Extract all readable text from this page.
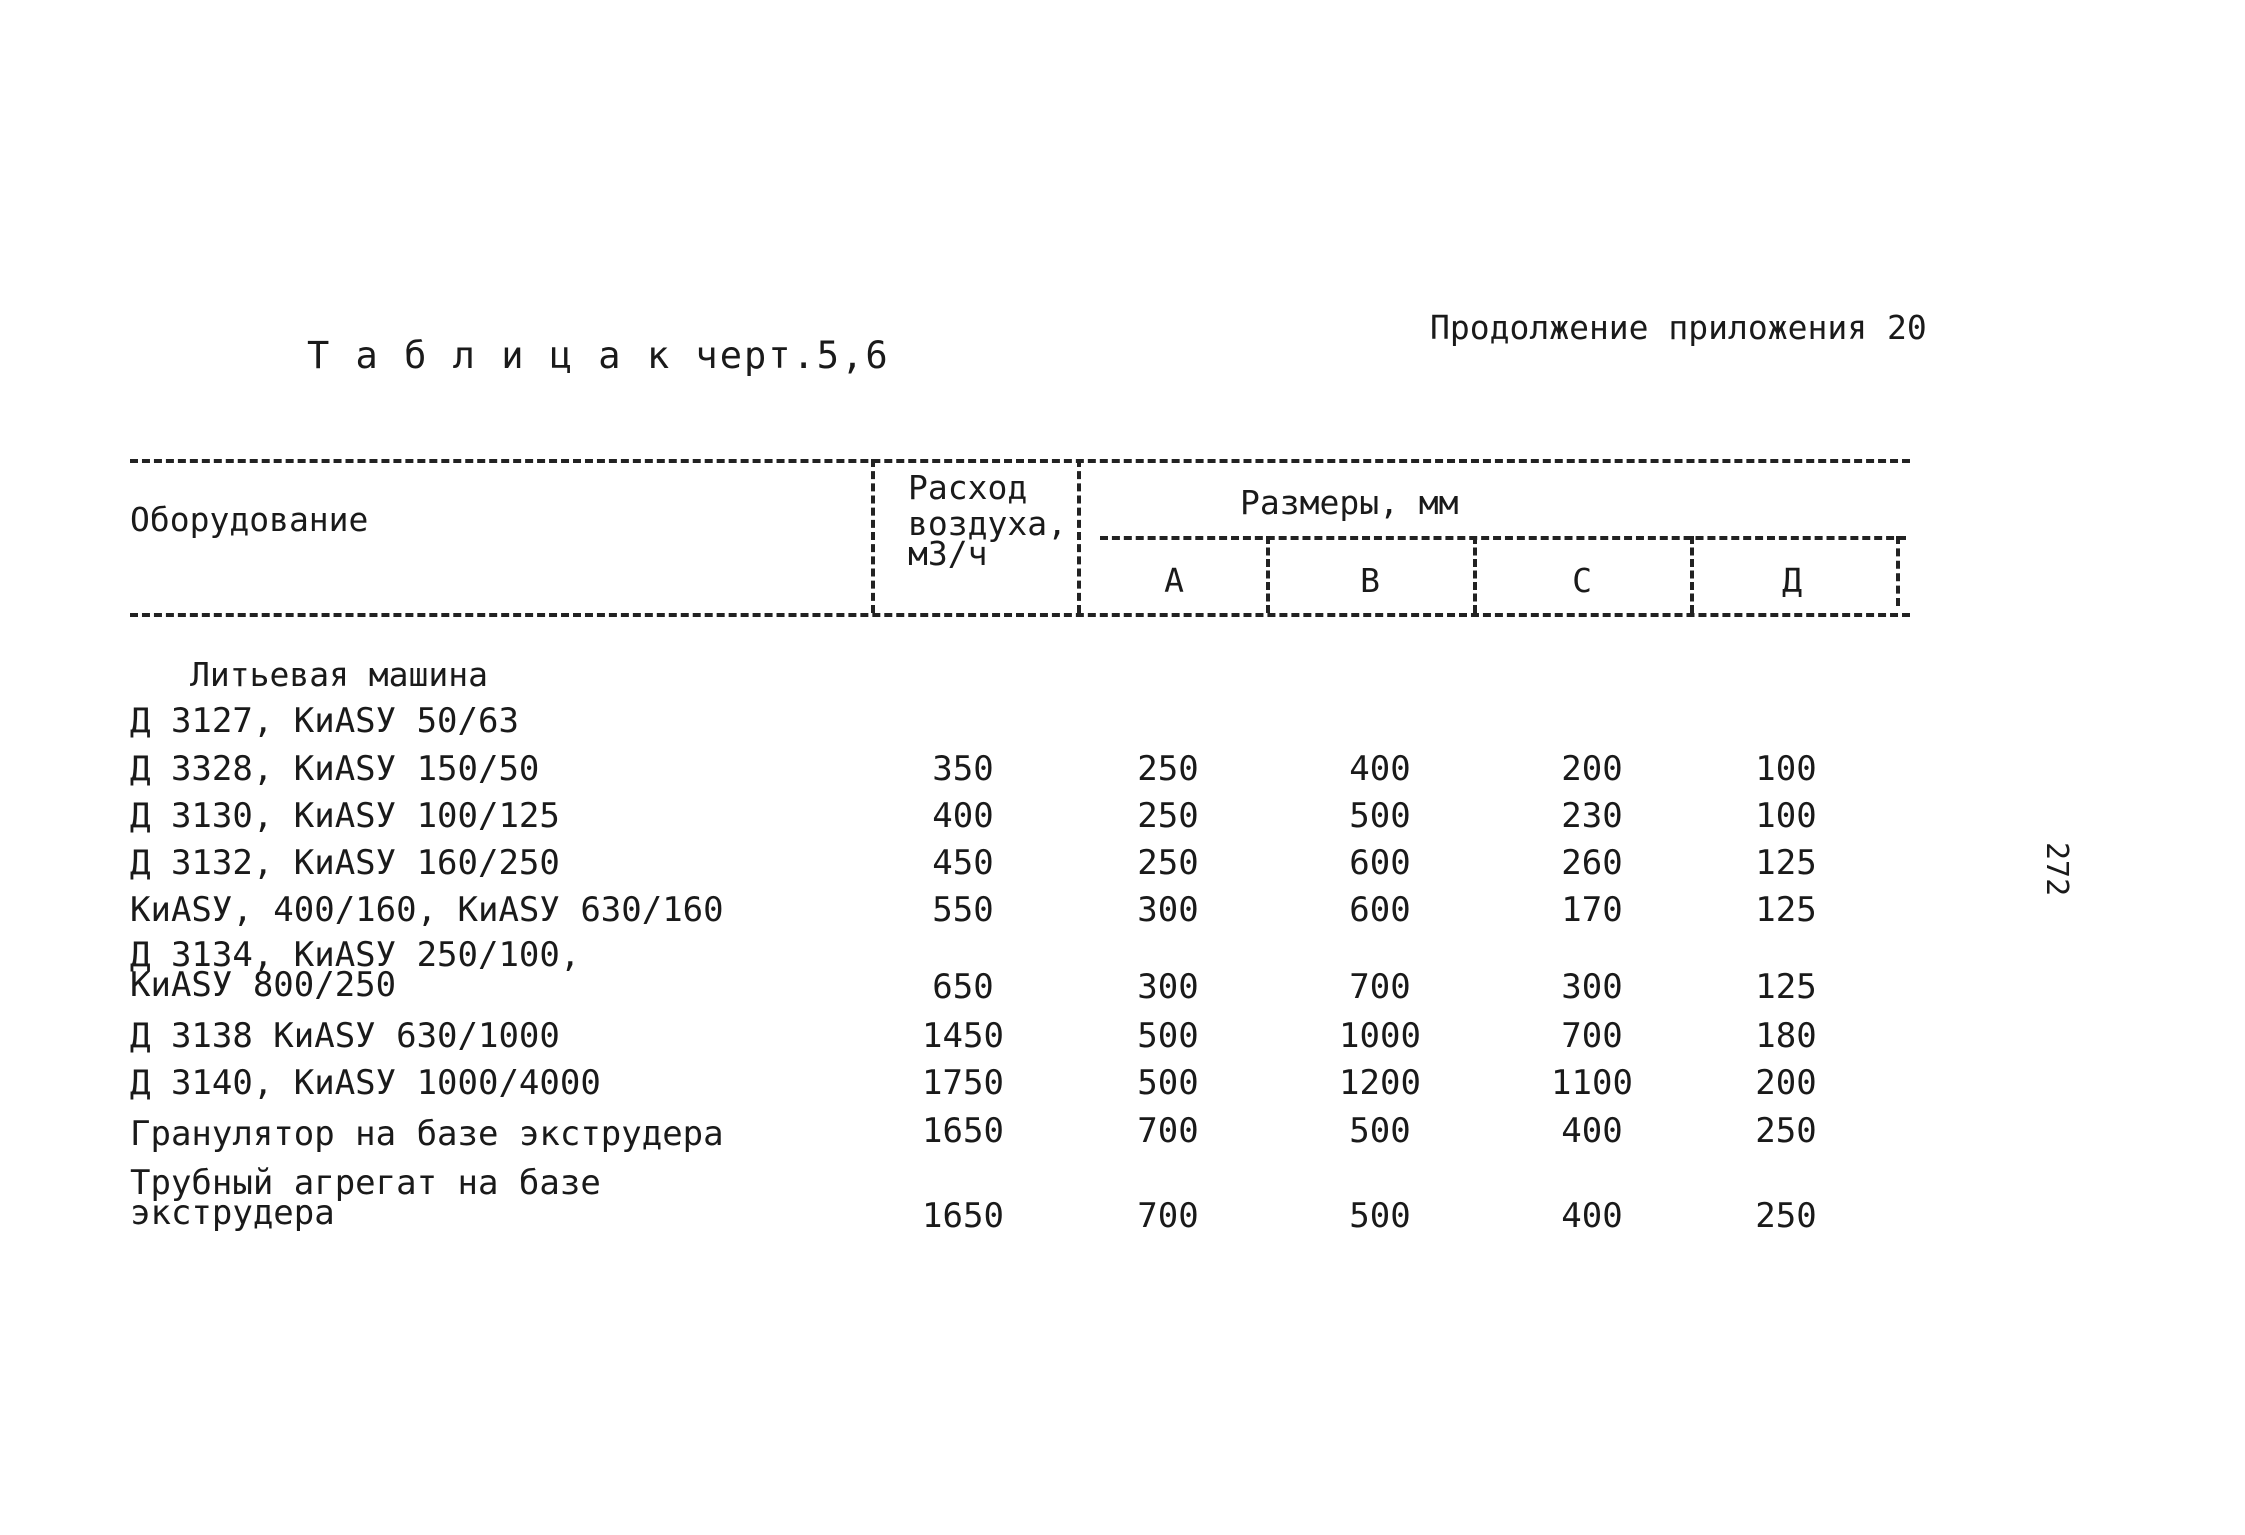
Т а б л и ц а к черт.5,6
Продолжение приложения 20
272
Оборудование
Расход
воздуха,
м3/ч
Размеры, мм
А	В	С	Д
Литьевая машина
Д 3127, КиASУ 50/63
Д 3328, КиASУ 150/50	350	250	400	200	100
Д 3130, КиASУ 100/125	400	250	500	230	100
Д 3132, КиASУ 160/250	450	250	600	260	125
КиASУ, 400/160, КиASУ 630/160	550	300	600	170	125
Д 3134, КиASУ 250/100,
КиASУ 800/250	650	300	700	300	125
Д 3138 КиASУ 630/1000	1450	500	1000	700	180
Д 3140, КиASУ 1000/4000	1750	500	1200	1100	200
Гранулятор на базе экструдера	1650	700	500	400	250
Трубный агрегат на базе
экструдера	1650	700	500	400	250
